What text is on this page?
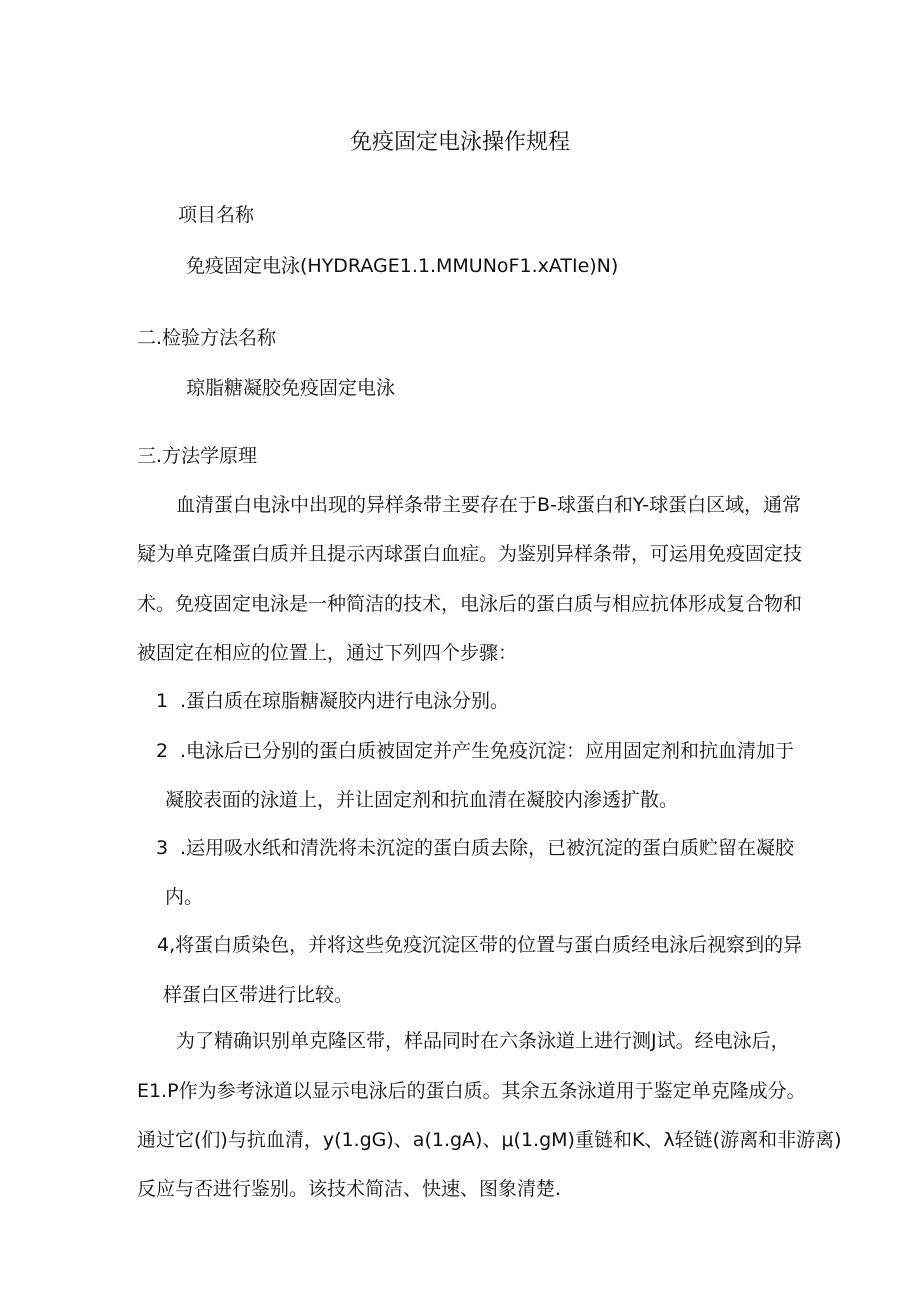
免疫固定电泳操作规程

项目名称

免疫固定电泳(HYDRAGE1.1.MMUNoF1.xATIe)N)

二.检验方法名称

琼脂糖凝胶免疫固定电泳

三.方法学原理

血清蛋白电泳中出现的异样条带主要存在于B-球蛋白和Y-球蛋白区域，通常

疑为单克隆蛋白质并且提示丙球蛋白血症。为鉴别异样条带，可运用免疫固定技

术。免疫固定电泳是一种简洁的技术，电泳后的蛋白质与相应抗体形成复合物和

被固定在相应的位置上，通过下列四个步骤：

1 .蛋白质在琼脂糖凝胶内进行电泳分别。

2 .电泳后已分别的蛋白质被固定并产生免疫沉淀：应用固定剂和抗血清加于

凝胶表面的泳道上，并让固定剂和抗血清在凝胶内渗透扩散。

3 .运用吸水纸和清洗将未沉淀的蛋白质去除，已被沉淀的蛋白质贮留在凝胶

内。

4,将蛋白质染色，并将这些免疫沉淀区带的位置与蛋白质经电泳后视察到的异

样蛋白区带进行比较。

为了精确识别单克隆区带，样品同时在六条泳道上进行测J试。经电泳后，

E1.P作为参考泳道以显示电泳后的蛋白质。其余五条泳道用于鉴定单克隆成分。

通过它(们)与抗血清，y(1.gG)、a(1.gA)、μ(1.gM)重链和K、λ轻链(游离和非游离)

反应与否进行鉴别。该技术简洁、快速、图象清楚.
